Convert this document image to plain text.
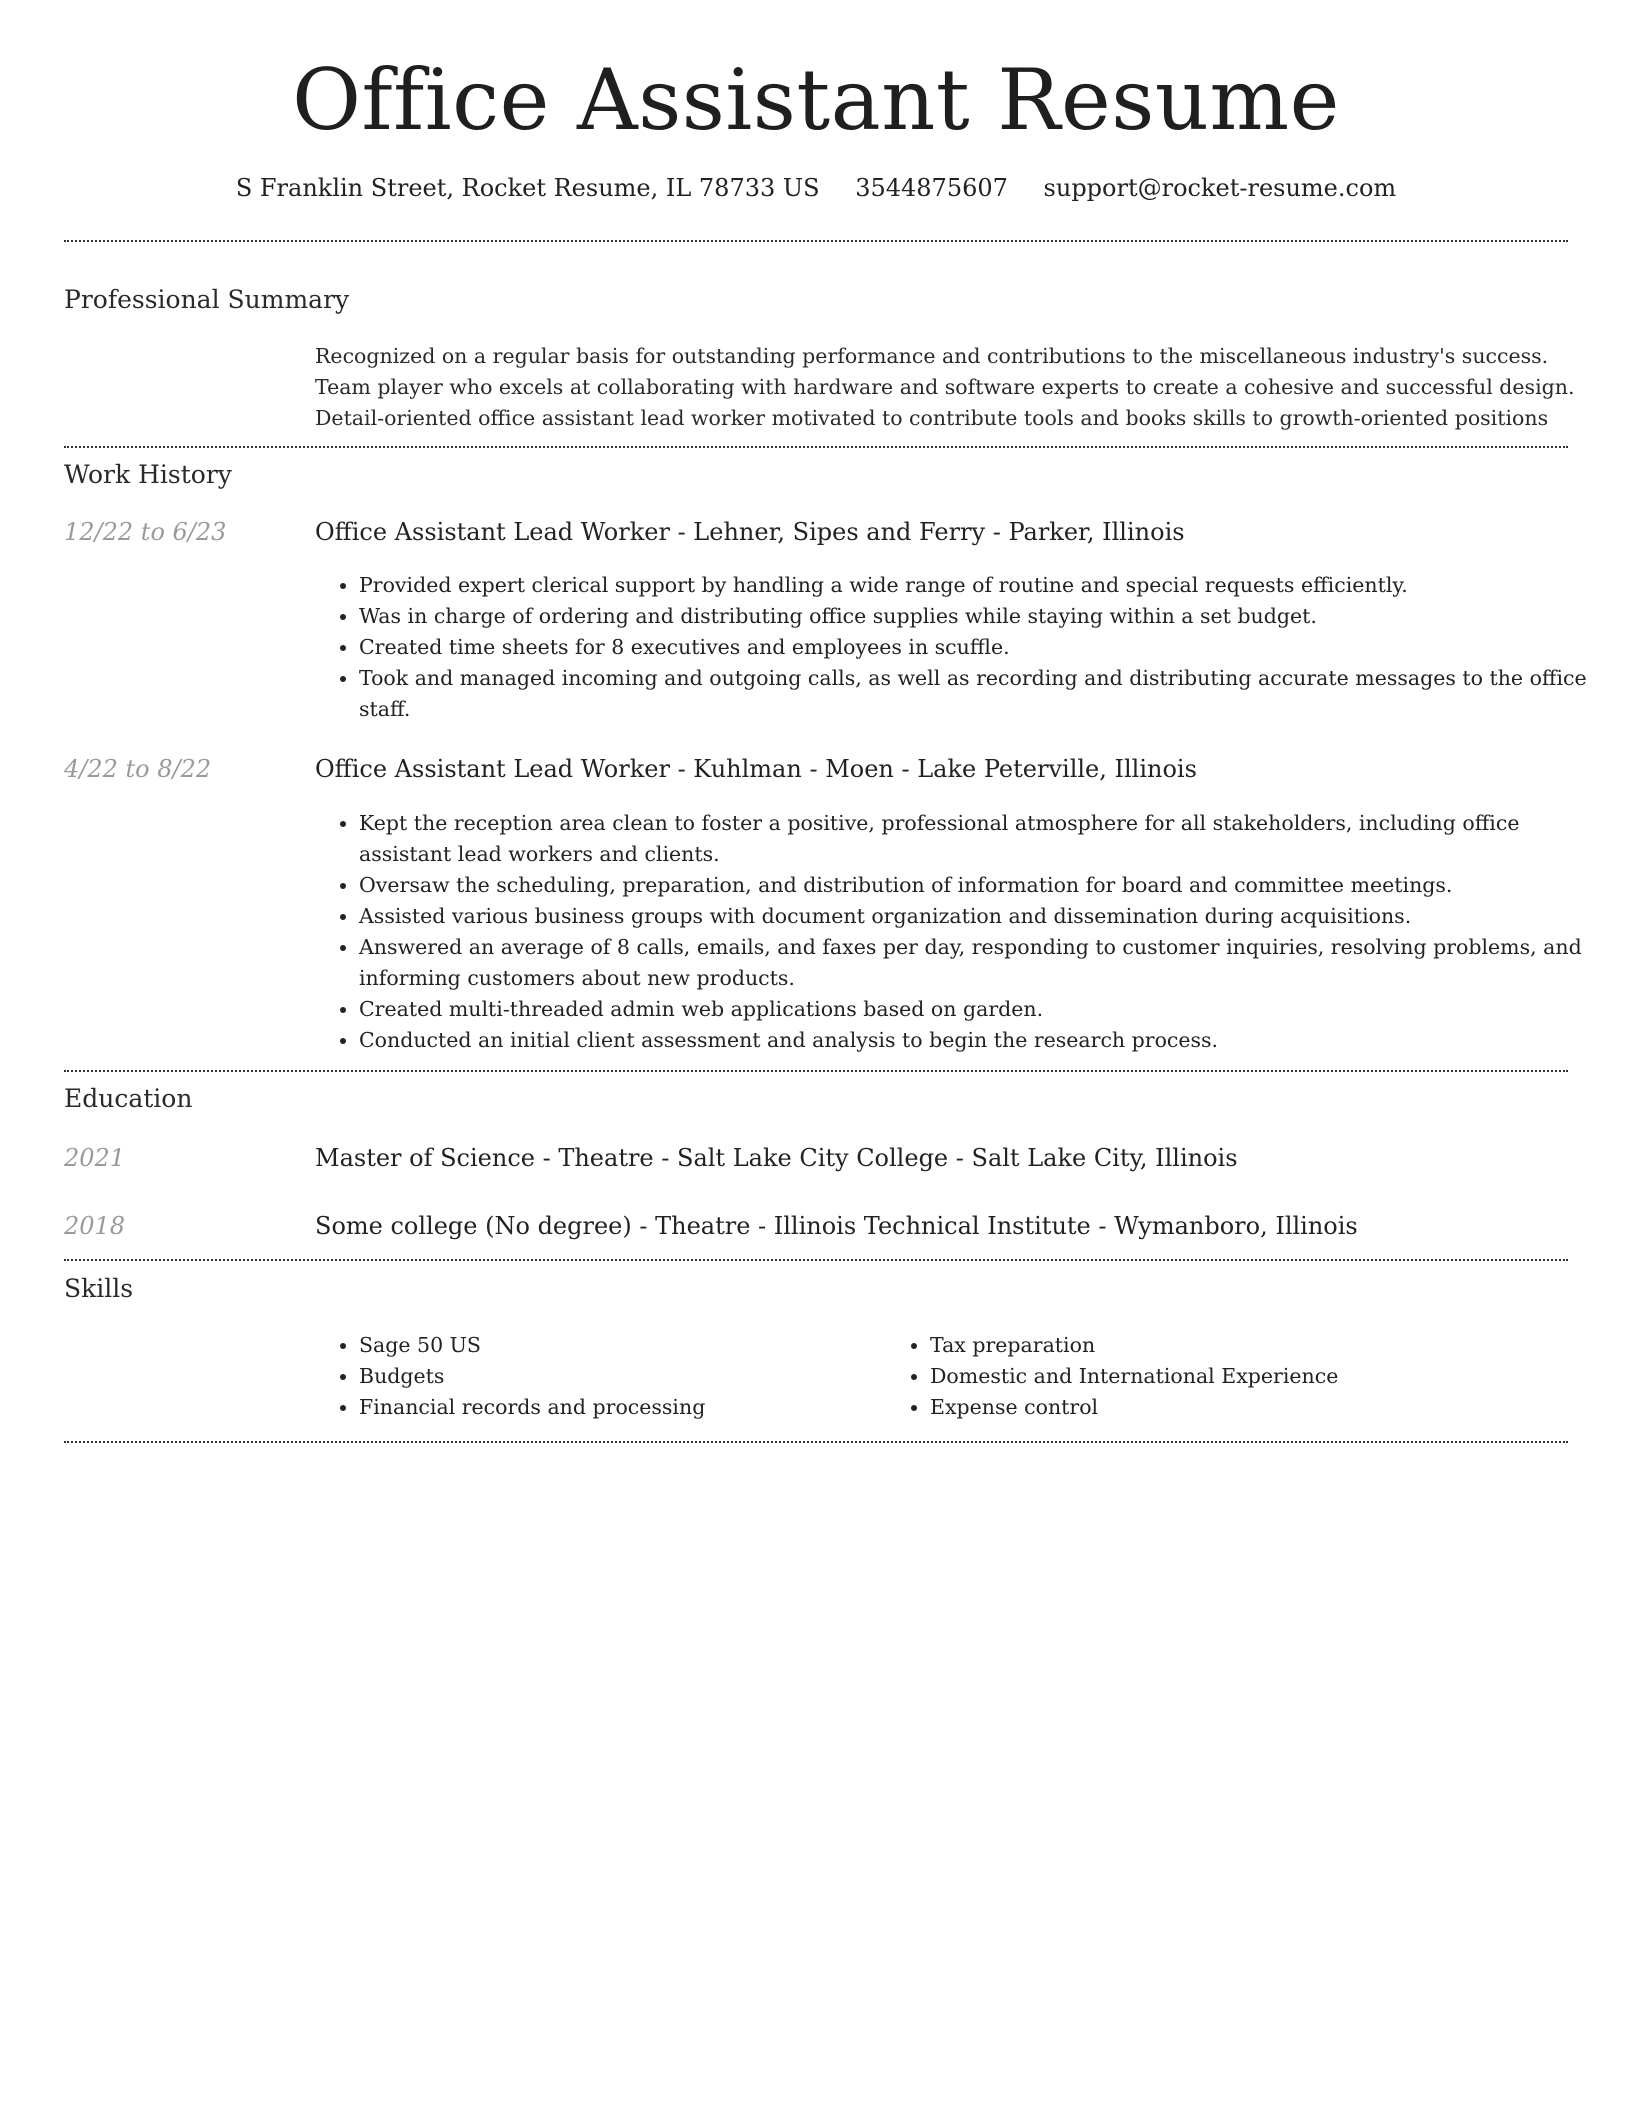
Office Assistant Resume
S Franklin Street, Rocket Resume, IL 78733 US 3544875607 support@rocket-resume.com
Professional Summary
Recognized on a regular basis for outstanding performance and contributions to the miscellaneous industry's success.
Team player who excels at collaborating with hardware and software experts to create a cohesive and successful design.
Detail-oriented office assistant lead worker motivated to contribute tools and books skills to growth-oriented positions
Work History
12/22 to 6/23	Office Assistant Lead Worker - Lehner, Sipes and Ferry - Parker, Illinois
• Provided expert clerical support by handling a wide range of routine and special requests efficiently.
• Was in charge of ordering and distributing office supplies while staying within a set budget.
• Created time sheets for 8 executives and employees in scuffle.
• Took and managed incoming and outgoing calls, as well as recording and distributing accurate messages to the office staff.
4/22 to 8/22	Office Assistant Lead Worker - Kuhlman - Moen - Lake Peterville, Illinois
• Kept the reception area clean to foster a positive, professional atmosphere for all stakeholders, including office assistant lead workers and clients.
• Oversaw the scheduling, preparation, and distribution of information for board and committee meetings.
• Assisted various business groups with document organization and dissemination during acquisitions.
• Answered an average of 8 calls, emails, and faxes per day, responding to customer inquiries, resolving problems, and informing customers about new products.
• Created multi-threaded admin web applications based on garden.
• Conducted an initial client assessment and analysis to begin the research process.
Education
2021	Master of Science - Theatre - Salt Lake City College - Salt Lake City, Illinois
2018	Some college (No degree) - Theatre - Illinois Technical Institute - Wymanboro, Illinois
Skills
• Sage 50 US
• Budgets
• Financial records and processing
• Tax preparation
• Domestic and International Experience
• Expense control
